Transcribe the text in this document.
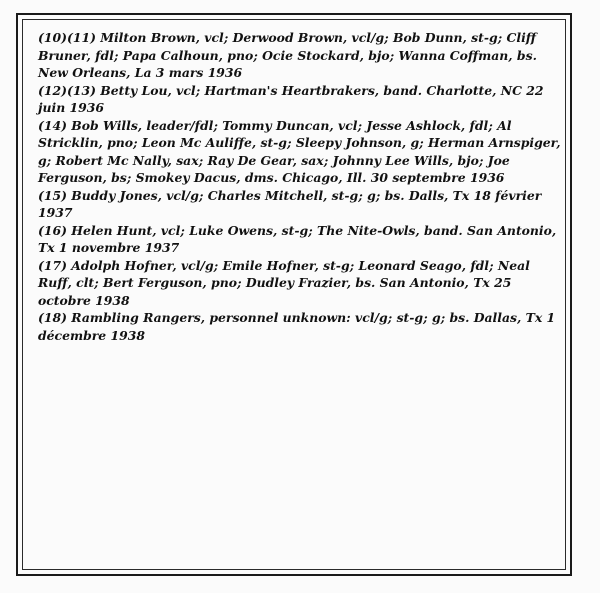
(10)(11) Milton Brown, vcl; Derwood Brown, vcl/g; Bob Dunn, st-g; Cliff Bruner, fdl; Papa Calhoun, pno; Ocie Stockard, bjo; Wanna Coffman, bs. New Orleans, La 3 mars 1936

(12)(13) Betty Lou, vcl; Hartman's Heartbrakers, band. Charlotte, NC 22 juin 1936

(14) Bob Wills, leader/fdl; Tommy Duncan, vcl; Jesse Ashlock, fdl; Al Stricklin, pno; Leon Mc Auliffe, st-g; Sleepy Johnson, g; Herman Arnspiger, g; Robert Mc Nally, sax; Ray De Gear, sax; Johnny Lee Wills, bjo; Joe Ferguson, bs; Smokey Dacus, dms. Chicago, Ill. 30 septembre 1936

(15) Buddy Jones, vcl/g; Charles Mitchell, st-g; g; bs. Dalls, Tx 18 février 1937

(16) Helen Hunt, vcl; Luke Owens, st-g; The Nite-Owls, band. San Antonio, Tx 1 novembre 1937

(17) Adolph Hofner, vcl/g; Emile Hofner, st-g; Leonard Seago, fdl; Neal Ruff, clt; Bert Ferguson, pno; Dudley Frazier, bs. San Antonio, Tx 25 octobre 1938

(18) Rambling Rangers, personnel unknown: vcl/g; st-g; g; bs. Dallas, Tx 1 décembre 1938
